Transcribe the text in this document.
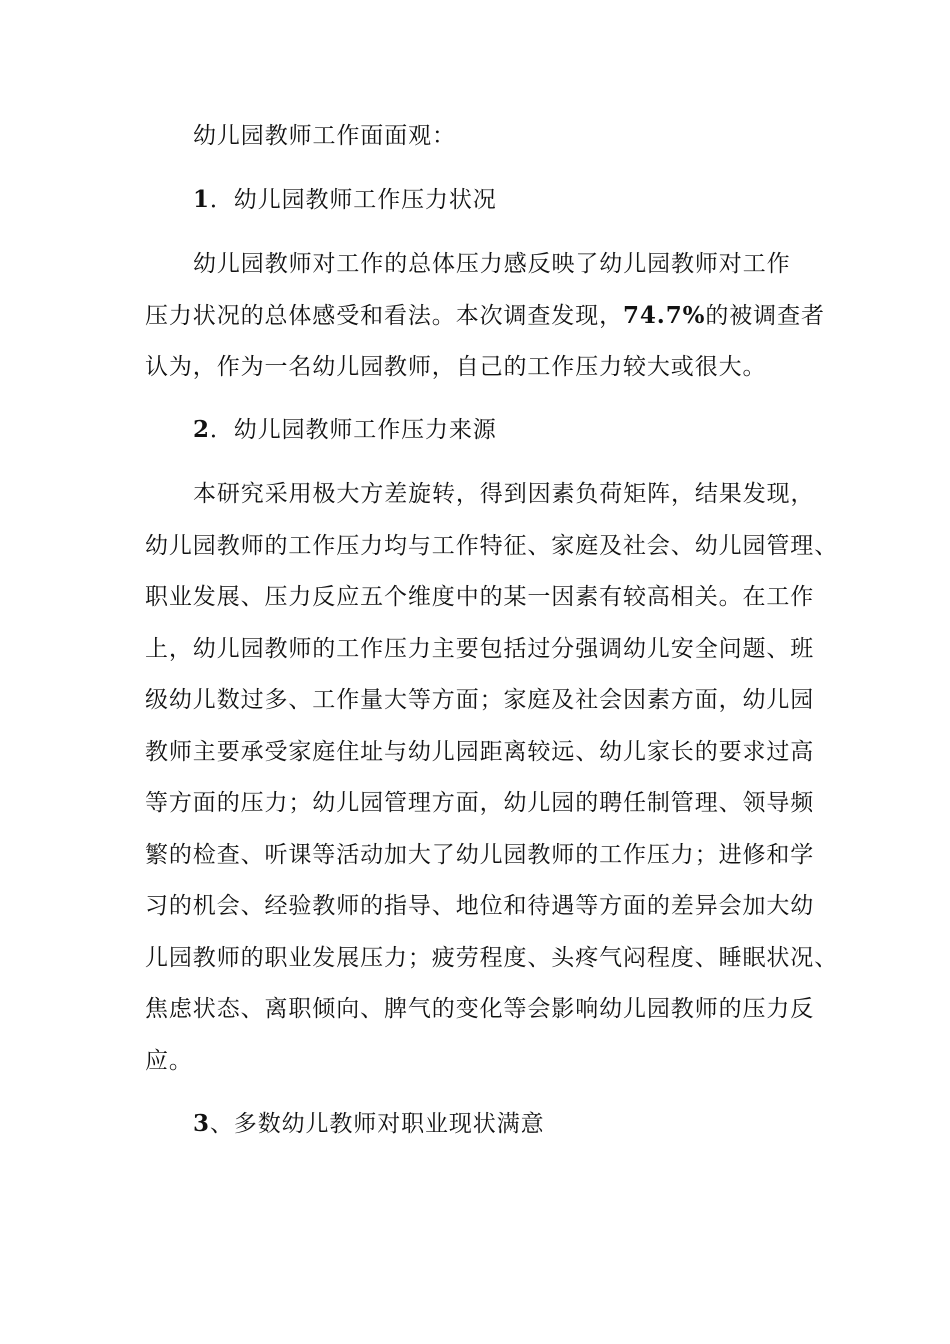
幼儿园教师工作面面观：
1．幼儿园教师工作压力状况
幼儿园教师对工作的总体压力感反映了幼儿园教师对工作
压力状况的总体感受和看法。本次调查发现，74.7%的被调查者
认为，作为一名幼儿园教师，自己的工作压力较大或很大。
2．幼儿园教师工作压力来源
本研究采用极大方差旋转，得到因素负荷矩阵，结果发现，
幼儿园教师的工作压力均与工作特征、家庭及社会、幼儿园管理、
职业发展、压力反应五个维度中的某一因素有较高相关。在工作
上，幼儿园教师的工作压力主要包括过分强调幼儿安全问题、班
级幼儿数过多、工作量大等方面；家庭及社会因素方面，幼儿园
教师主要承受家庭住址与幼儿园距离较远、幼儿家长的要求过高
等方面的压力；幼儿园管理方面，幼儿园的聘任制管理、领导频
繁的检查、听课等活动加大了幼儿园教师的工作压力；进修和学
习的机会、经验教师的指导、地位和待遇等方面的差异会加大幼
儿园教师的职业发展压力；疲劳程度、头疼气闷程度、睡眠状况、
焦虑状态、离职倾向、脾气的变化等会影响幼儿园教师的压力反
应。
3、多数幼儿教师对职业现状满意
